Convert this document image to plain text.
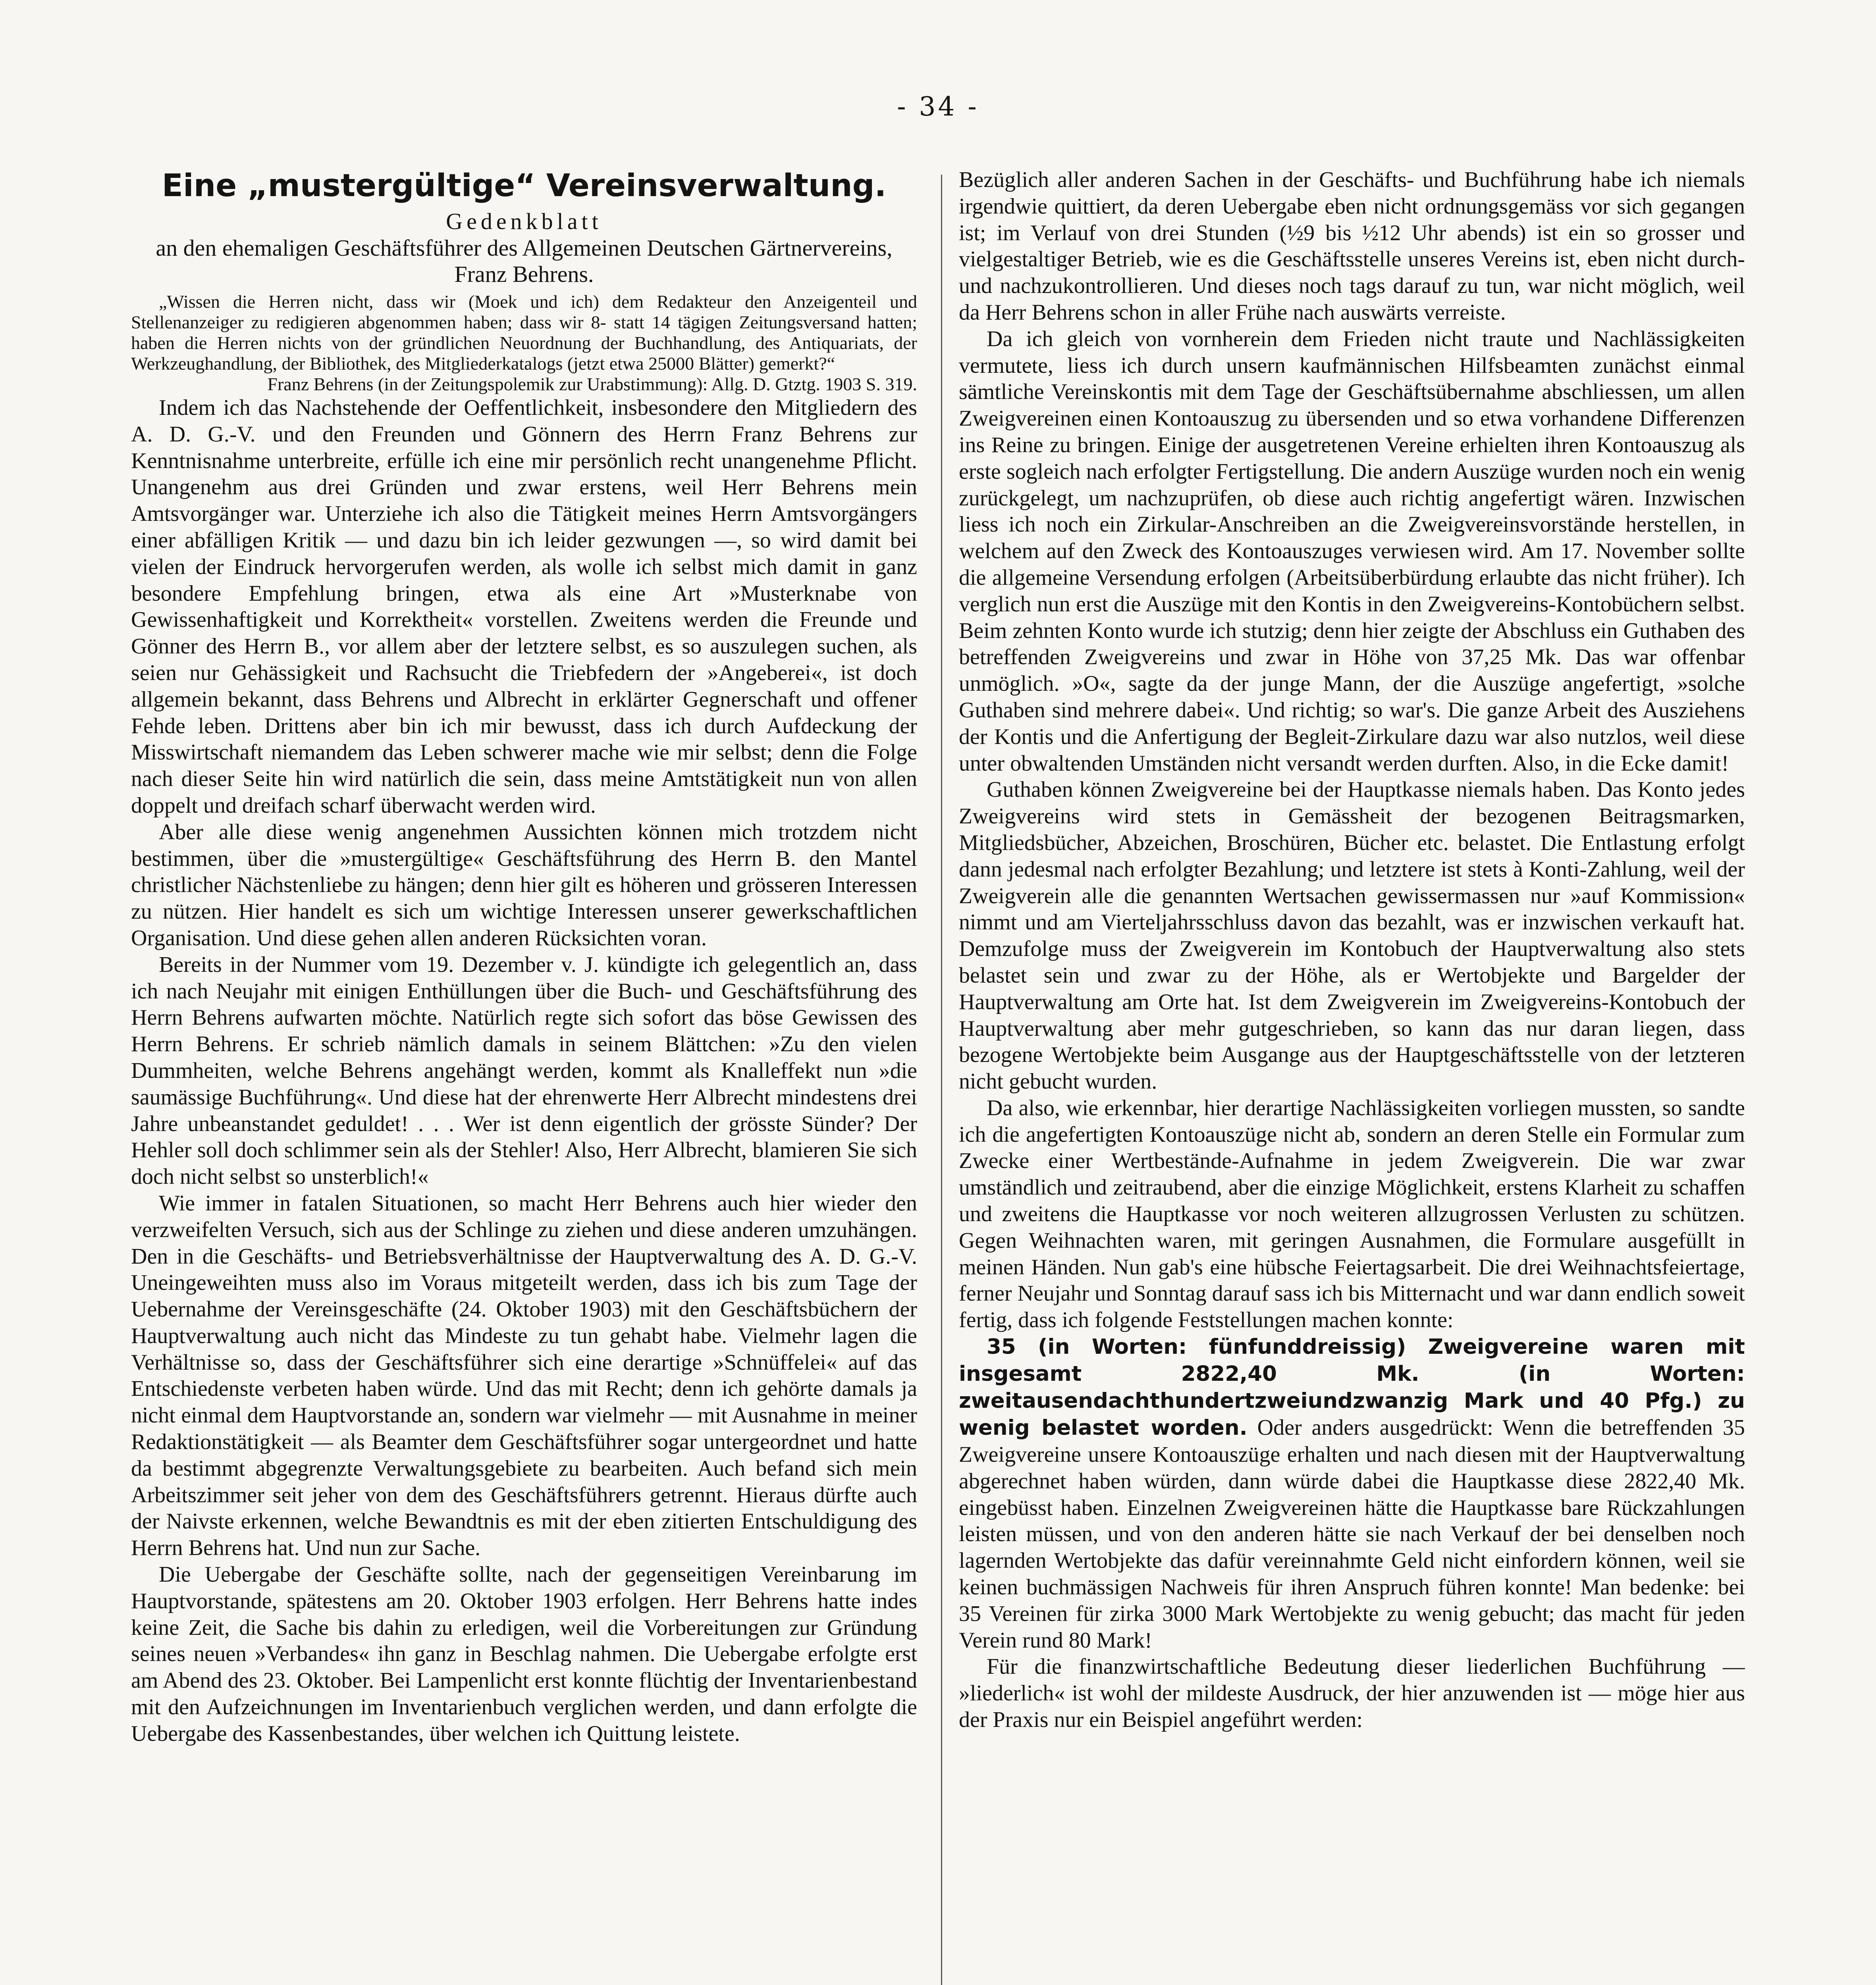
- 34 -
Eine „mustergültige“ Vereinsverwaltung.
Gedenkblatt
an den ehemaligen Geschäftsführer des Allgemeinen Deutschen Gärtnervereins, Franz Behrens.

„Wissen die Herren nicht, dass wir (Moek und ich) dem Redakteur den Anzeigenteil und Stellenanzeiger zu redigieren abgenommen haben; dass wir 8- statt 14 tägigen Zeitungsversand hatten; haben die Herren nichts von der gründlichen Neuordnung der Buchhandlung, des Antiquariats, der Werkzeughandlung, der Bibliothek, des Mitgliederkatalogs (jetzt etwa 25000 Blätter) gemerkt?“

Franz Behrens (in der Zeitungspolemik zur Urabstimmung): Allg. D. Gtztg. 1903 S. 319.

Indem ich das Nachstehende der Oeffentlichkeit, insbesondere den Mitgliedern des A. D. G.-V. und den Freunden und Gönnern des Herrn Franz Behrens zur Kenntnisnahme unterbreite, erfülle ich eine mir persönlich recht unangenehme Pflicht. Unangenehm aus drei Gründen und zwar erstens, weil Herr Behrens mein Amtsvorgänger war. Unterziehe ich also die Tätigkeit meines Herrn Amtsvorgängers einer abfälligen Kritik — und dazu bin ich leider gezwungen —, so wird damit bei vielen der Eindruck hervorgerufen werden, als wolle ich selbst mich damit in ganz besondere Empfehlung bringen, etwa als eine Art »Musterknabe von Gewissenhaftigkeit und Korrektheit« vorstellen. Zweitens werden die Freunde und Gönner des Herrn B., vor allem aber der letztere selbst, es so auszulegen suchen, als seien nur Gehässigkeit und Rachsucht die Triebfedern der »Angeberei«, ist doch allgemein bekannt, dass Behrens und Albrecht in erklärter Gegnerschaft und offener Fehde leben. Drittens aber bin ich mir bewusst, dass ich durch Aufdeckung der Misswirtschaft niemandem das Leben schwerer mache wie mir selbst; denn die Folge nach dieser Seite hin wird natürlich die sein, dass meine Amtstätigkeit nun von allen doppelt und dreifach scharf überwacht werden wird.

Aber alle diese wenig angenehmen Aussichten können mich trotzdem nicht bestimmen, über die »mustergültige« Geschäftsführung des Herrn B. den Mantel christlicher Nächstenliebe zu hängen; denn hier gilt es höheren und grösseren Interessen zu nützen. Hier handelt es sich um wichtige Interessen unserer gewerkschaftlichen Organisation. Und diese gehen allen anderen Rücksichten voran.

Bereits in der Nummer vom 19. Dezember v. J. kündigte ich gelegentlich an, dass ich nach Neujahr mit einigen Enthüllungen über die Buch- und Geschäftsführung des Herrn Behrens aufwarten möchte. Natürlich regte sich sofort das böse Gewissen des Herrn Behrens. Er schrieb nämlich damals in seinem Blättchen: »Zu den vielen Dummheiten, welche Behrens angehängt werden, kommt als Knalleffekt nun »die saumässige Buchführung«. Und diese hat der ehrenwerte Herr Albrecht mindestens drei Jahre unbeanstandet geduldet! . . . Wer ist denn eigentlich der grösste Sünder? Der Hehler soll doch schlimmer sein als der Stehler! Also, Herr Albrecht, blamieren Sie sich doch nicht selbst so unsterblich!«

Wie immer in fatalen Situationen, so macht Herr Behrens auch hier wieder den verzweifelten Versuch, sich aus der Schlinge zu ziehen und diese anderen umzuhängen. Den in die Geschäfts- und Betriebsverhältnisse der Hauptverwaltung des A. D. G.-V. Uneingeweihten muss also im Voraus mitgeteilt werden, dass ich bis zum Tage der Uebernahme der Vereinsgeschäfte (24. Oktober 1903) mit den Geschäftsbüchern der Hauptverwaltung auch nicht das Mindeste zu tun gehabt habe. Vielmehr lagen die Verhältnisse so, dass der Geschäftsführer sich eine derartige »Schnüffelei« auf das Entschiedenste verbeten haben würde. Und das mit Recht; denn ich gehörte damals ja nicht einmal dem Hauptvorstande an, sondern war vielmehr — mit Ausnahme in meiner Redaktionstätigkeit — als Beamter dem Geschäftsführer sogar untergeordnet und hatte da bestimmt abgegrenzte Verwaltungsgebiete zu bearbeiten. Auch befand sich mein Arbeitszimmer seit jeher von dem des Geschäftsführers getrennt. Hieraus dürfte auch der Naivste erkennen, welche Bewandtnis es mit der eben zitierten Entschuldigung des Herrn Behrens hat. Und nun zur Sache.

Die Uebergabe der Geschäfte sollte, nach der gegenseitigen Vereinbarung im Hauptvorstande, spätestens am 20. Oktober 1903 erfolgen. Herr Behrens hatte indes keine Zeit, die Sache bis dahin zu erledigen, weil die Vorbereitungen zur Gründung seines neuen »Verbandes« ihn ganz in Beschlag nahmen. Die Uebergabe erfolgte erst am Abend des 23. Oktober. Bei Lampenlicht erst konnte flüchtig der Inventarienbestand mit den Aufzeichnungen im Inventarienbuch verglichen werden, und dann erfolgte die Uebergabe des Kassenbestandes, über welchen ich Quittung leistete.

Bezüglich aller anderen Sachen in der Geschäfts- und Buchführung habe ich niemals irgendwie quittiert, da deren Uebergabe eben nicht ordnungsgemäss vor sich gegangen ist; im Verlauf von drei Stunden (½9 bis ½12 Uhr abends) ist ein so grosser und vielgestaltiger Betrieb, wie es die Geschäftsstelle unseres Vereins ist, eben nicht durch- und nachzukontrollieren. Und dieses noch tags darauf zu tun, war nicht möglich, weil da Herr Behrens schon in aller Frühe nach auswärts verreiste.

Da ich gleich von vornherein dem Frieden nicht traute und Nachlässigkeiten vermutete, liess ich durch unsern kaufmännischen Hilfsbeamten zunächst einmal sämtliche Vereinskontis mit dem Tage der Geschäftsübernahme abschliessen, um allen Zweigvereinen einen Kontoauszug zu übersenden und so etwa vorhandene Differenzen ins Reine zu bringen. Einige der ausgetretenen Vereine erhielten ihren Kontoauszug als erste sogleich nach erfolgter Fertigstellung. Die andern Auszüge wurden noch ein wenig zurückgelegt, um nachzuprüfen, ob diese auch richtig angefertigt wären. Inzwischen liess ich noch ein Zirkular-Anschreiben an die Zweigvereinsvorstände herstellen, in welchem auf den Zweck des Kontoauszuges verwiesen wird. Am 17. November sollte die allgemeine Versendung erfolgen (Arbeitsüberbürdung erlaubte das nicht früher). Ich verglich nun erst die Auszüge mit den Kontis in den Zweigvereins-Kontobüchern selbst. Beim zehnten Konto wurde ich stutzig; denn hier zeigte der Abschluss ein Guthaben des betreffenden Zweigvereins und zwar in Höhe von 37,25 Mk. Das war offenbar unmöglich. »O«, sagte da der junge Mann, der die Auszüge angefertigt, »solche Guthaben sind mehrere dabei«. Und richtig; so war's. Die ganze Arbeit des Ausziehens der Kontis und die Anfertigung der Begleit-Zirkulare dazu war also nutzlos, weil diese unter obwaltenden Umständen nicht versandt werden durften. Also, in die Ecke damit!

Guthaben können Zweigvereine bei der Hauptkasse niemals haben. Das Konto jedes Zweigvereins wird stets in Gemässheit der bezogenen Beitragsmarken, Mitgliedsbücher, Abzeichen, Broschüren, Bücher etc. belastet. Die Entlastung erfolgt dann jedesmal nach erfolgter Bezahlung; und letztere ist stets à Konti-Zahlung, weil der Zweigverein alle die genannten Wertsachen gewissermassen nur »auf Kommission« nimmt und am Vierteljahrsschluss davon das bezahlt, was er inzwischen verkauft hat. Demzufolge muss der Zweigverein im Kontobuch der Hauptverwaltung also stets belastet sein und zwar zu der Höhe, als er Wertobjekte und Bargelder der Hauptverwaltung am Orte hat. Ist dem Zweigverein im Zweigvereins-Kontobuch der Hauptverwaltung aber mehr gutgeschrieben, so kann das nur daran liegen, dass bezogene Wertobjekte beim Ausgange aus der Hauptgeschäftsstelle von der letzteren nicht gebucht wurden.

Da also, wie erkennbar, hier derartige Nachlässigkeiten vorliegen mussten, so sandte ich die angefertigten Kontoauszüge nicht ab, sondern an deren Stelle ein Formular zum Zwecke einer Wertbestände-Aufnahme in jedem Zweigverein. Die war zwar umständlich und zeitraubend, aber die einzige Möglichkeit, erstens Klarheit zu schaffen und zweitens die Hauptkasse vor noch weiteren allzugrossen Verlusten zu schützen. Gegen Weihnachten waren, mit geringen Ausnahmen, die Formulare ausgefüllt in meinen Händen. Nun gab's eine hübsche Feiertagsarbeit. Die drei Weihnachtsfeiertage, ferner Neujahr und Sonntag darauf sass ich bis Mitternacht und war dann endlich soweit fertig, dass ich folgende Feststellungen machen konnte:

35 (in Worten: fünfunddreissig) Zweigvereine waren mit insgesamt 2822,40 Mk. (in Worten: zweitausendachthundertzweiundzwanzig Mark und 40 Pfg.) zu wenig belastet worden. Oder anders ausgedrückt: Wenn die betreffenden 35 Zweigvereine unsere Kontoauszüge erhalten und nach diesen mit der Hauptverwaltung abgerechnet haben würden, dann würde dabei die Hauptkasse diese 2822,40 Mk. eingebüsst haben. Einzelnen Zweigvereinen hätte die Hauptkasse bare Rückzahlungen leisten müssen, und von den anderen hätte sie nach Verkauf der bei denselben noch lagernden Wertobjekte das dafür vereinnahmte Geld nicht einfordern können, weil sie keinen buchmässigen Nachweis für ihren Anspruch führen konnte! Man bedenke: bei 35 Vereinen für zirka 3000 Mark Wertobjekte zu wenig gebucht; das macht für jeden Verein rund 80 Mark!

Für die finanzwirtschaftliche Bedeutung dieser liederlichen Buchführung — »liederlich« ist wohl der mildeste Ausdruck, der hier anzuwenden ist — möge hier aus der Praxis nur ein Beispiel angeführt werden:
